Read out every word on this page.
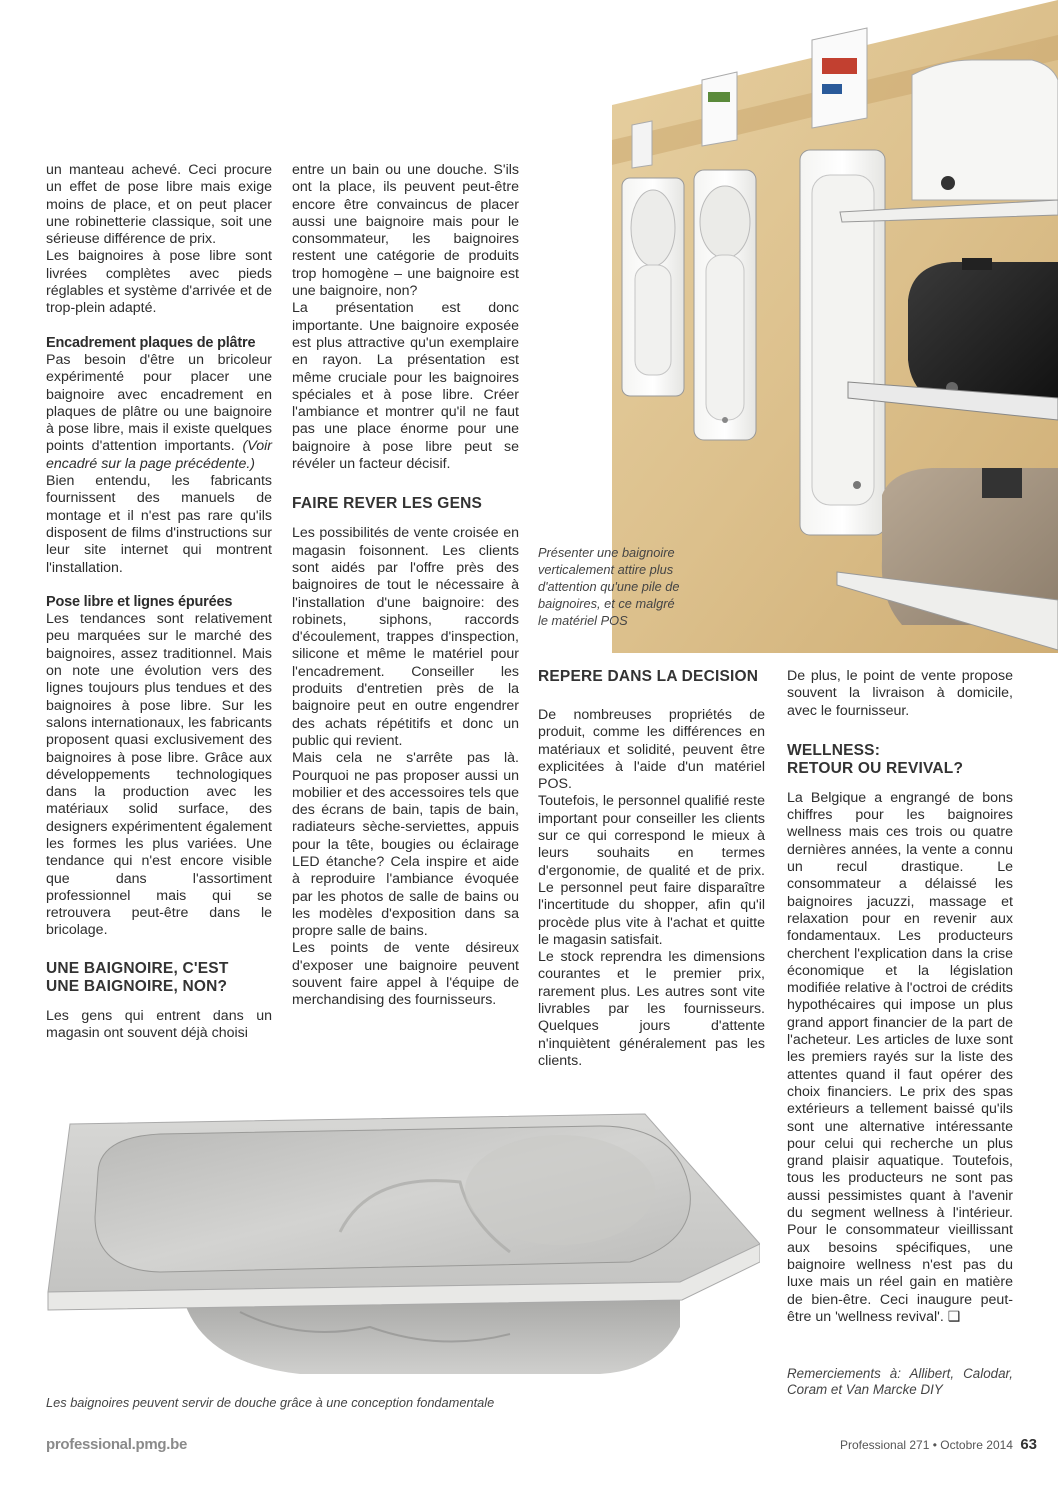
un manteau achevé. Ceci procure un effet de pose libre mais exige moins de place, et on peut placer une robinetterie classique, soit une sérieuse différence de prix.

Les baignoires à pose libre sont livrées complètes avec pieds réglables et système d'arrivée et de trop-plein adapté.

Encadrement plaques de plâtre

Pas besoin d'être un bricoleur expérimenté pour placer une baignoire avec encadrement en plaques de plâtre ou une baignoire à pose libre, mais il existe quelques points d'attention importants. (Voir encadré sur la page précédente.)

Bien entendu, les fabricants fournissent des manuels de montage et il n'est pas rare qu'ils disposent de films d'instructions sur leur site internet qui montrent l'installation.

Pose libre et lignes épurées

Les tendances sont relativement peu marquées sur le marché des baignoires, assez traditionnel. Mais on note une évolution vers des lignes toujours plus tendues et des baignoires à pose libre. Sur les salons internationaux, les fabricants proposent quasi exclusivement des baignoires à pose libre. Grâce aux développements technologiques dans la production avec les matériaux solid surface, des designers expérimentent également les formes les plus variées. Une tendance qui n'est encore visible que dans l'assortiment professionnel mais qui se retrouvera peut-être dans le bricolage.

UNE BAIGNOIRE, C'EST
UNE BAIGNOIRE, NON?

Les gens qui entrent dans un magasin ont souvent déjà choisi

entre un bain ou une douche. S'ils ont la place, ils peuvent peut-être encore être convaincus de placer aussi une baignoire mais pour le consommateur, les baignoires restent une catégorie de produits trop homogène – une baignoire est une baignoire, non?

La présentation est donc importante. Une baignoire exposée est plus attractive qu'un exemplaire en rayon. La présentation est même cruciale pour les baignoires spéciales et à pose libre. Créer l'ambiance et montrer qu'il ne faut pas une place énorme pour une baignoire à pose libre peut se révéler un facteur décisif.

FAIRE REVER LES GENS

Les possibilités de vente croisée en magasin foisonnent. Les clients sont aidés par l'offre près des baignoires de tout le nécessaire à l'installation d'une baignoire: des robinets, siphons, raccords d'écoulement, trappes d'inspection, silicone et même le matériel pour l'encadrement. Conseiller les produits d'entretien près de la baignoire peut en outre engendrer des achats répétitifs et donc un public qui revient.

Mais cela ne s'arrête pas là. Pourquoi ne pas proposer aussi un mobilier et des accessoires tels que des écrans de bain, tapis de bain, radiateurs sèche-serviettes, appuis pour la tête, bougies ou éclairage LED étanche? Cela inspire et aide à reproduire l'ambiance évoquée par les photos de salle de bains ou les modèles d'exposition dans sa propre salle de bains.

Les points de vente désireux d'exposer une baignoire peuvent souvent faire appel à l'équipe de merchandising des fournisseurs.

Présenter une baignoire verticalement attire plus d'attention qu'une pile de baignoires, et ce malgré le matériel POS
REPERE DANS LA DECISION

De nombreuses propriétés de produit, comme les différences en matériaux et solidité, peuvent être explicitées à l'aide d'un matériel POS.

Toutefois, le personnel qualifié reste important pour conseiller les clients sur ce qui correspond le mieux à leurs souhaits en termes d'ergonomie, de qualité et de prix. Le personnel peut faire disparaître l'incertitude du shopper, afin qu'il procède plus vite à l'achat et quitte le magasin satisfait.

Le stock reprendra les dimensions courantes et le premier prix, rarement plus. Les autres sont vite livrables par les fournisseurs. Quelques jours d'attente n'inquiètent généralement pas les clients.

De plus, le point de vente propose souvent la livraison à domicile, avec le fournisseur.

WELLNESS:
RETOUR OU REVIVAL?

La Belgique a engrangé de bons chiffres pour les baignoires wellness mais ces trois ou quatre dernières années, la vente a connu un recul drastique. Le consommateur a délaissé les baignoires jacuzzi, massage et relaxation pour en revenir aux fondamentaux. Les producteurs cherchent l'explication dans la crise économique et la législation modifiée relative à l'octroi de crédits hypothécaires qui impose un plus grand apport financier de la part de l'acheteur. Les articles de luxe sont les premiers rayés sur la liste des attentes quand il faut opérer des choix financiers. Le prix des spas extérieurs a tellement baissé qu'ils sont une alternative intéressante pour celui qui recherche un plus grand plaisir aquatique. Toutefois, tous les producteurs ne sont pas aussi pessimistes quant à l'avenir du segment wellness à l'intérieur. Pour le consommateur vieillissant aux besoins spécifiques, une baignoire wellness n'est pas du luxe mais un réel gain en matière de bien-être. Ceci inaugure peut-être un 'wellness revival'. ❑

Les baignoires peuvent servir de douche grâce à une conception fondamentale
Remerciements à: Allibert, Calodar, Coram et Van Marcke DIY
professional.pmg.be	Professional 271 • Octobre 2014 63
